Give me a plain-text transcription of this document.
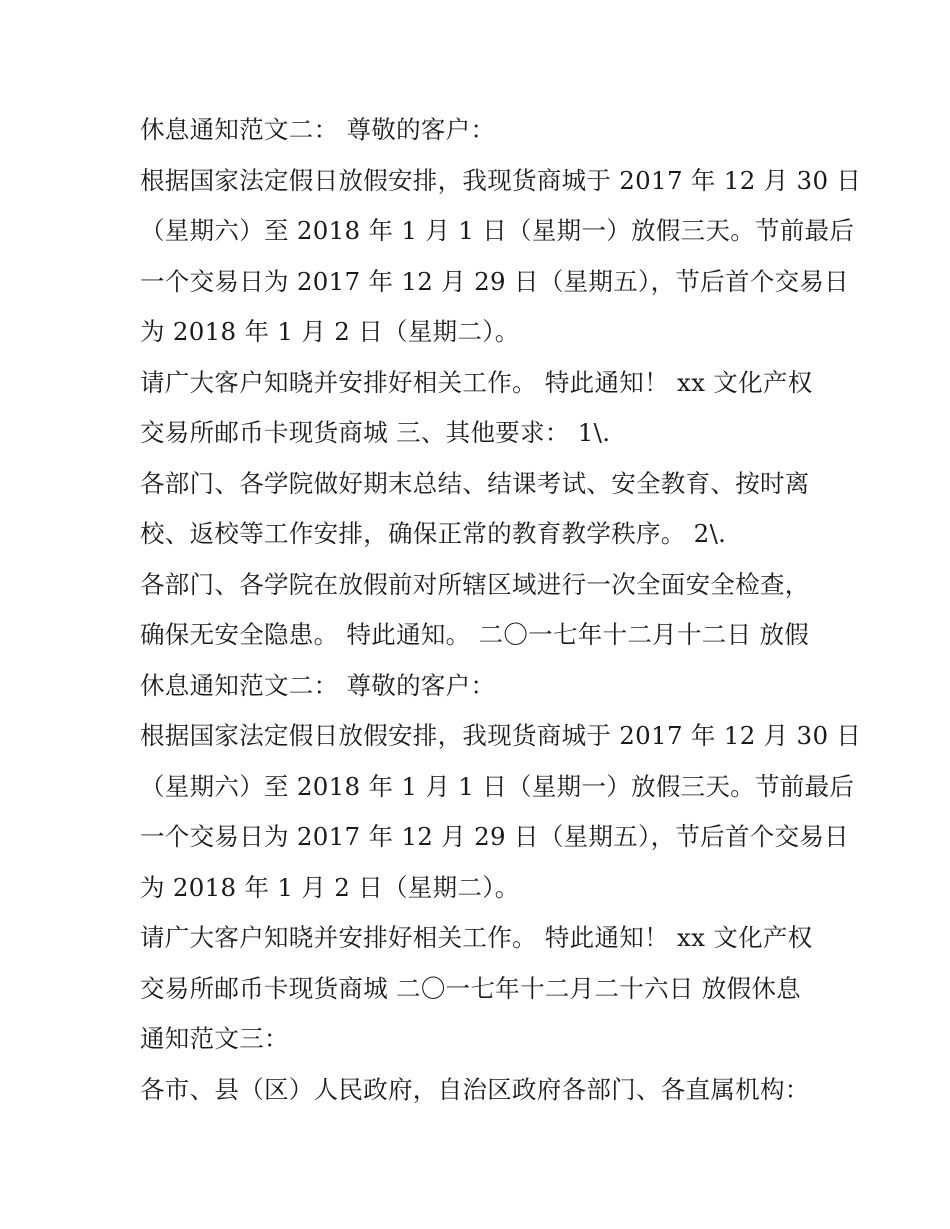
休息通知范文二： 尊敬的客户：
根据国家法定假日放假安排，我现货商城于 2017 年 12 月 30 日
（星期六）至 2018 年 1 月 1 日（星期一）放假三天。节前最后
一个交易日为 2017 年 12 月 29 日（星期五），节后首个交易日
为 2018 年 1 月 2 日（星期二）。
请广大客户知晓并安排好相关工作。 特此通知！ xx 文化产权
交易所邮币卡现货商城 三、其他要求： 1\.
各部门、各学院做好期末总结、结课考试、安全教育、按时离
校、返校等工作安排，确保正常的教育教学秩序。 2\.
各部门、各学院在放假前对所辖区域进行一次全面安全检查，
确保无安全隐患。 特此通知。 二〇一七年十二月十二日 放假
休息通知范文二： 尊敬的客户：
根据国家法定假日放假安排，我现货商城于 2017 年 12 月 30 日
（星期六）至 2018 年 1 月 1 日（星期一）放假三天。节前最后
一个交易日为 2017 年 12 月 29 日（星期五），节后首个交易日
为 2018 年 1 月 2 日（星期二）。
请广大客户知晓并安排好相关工作。 特此通知！ xx 文化产权
交易所邮币卡现货商城 二〇一七年十二月二十六日 放假休息
通知范文三：
各市、县（区）人民政府，自治区政府各部门、各直属机构：
